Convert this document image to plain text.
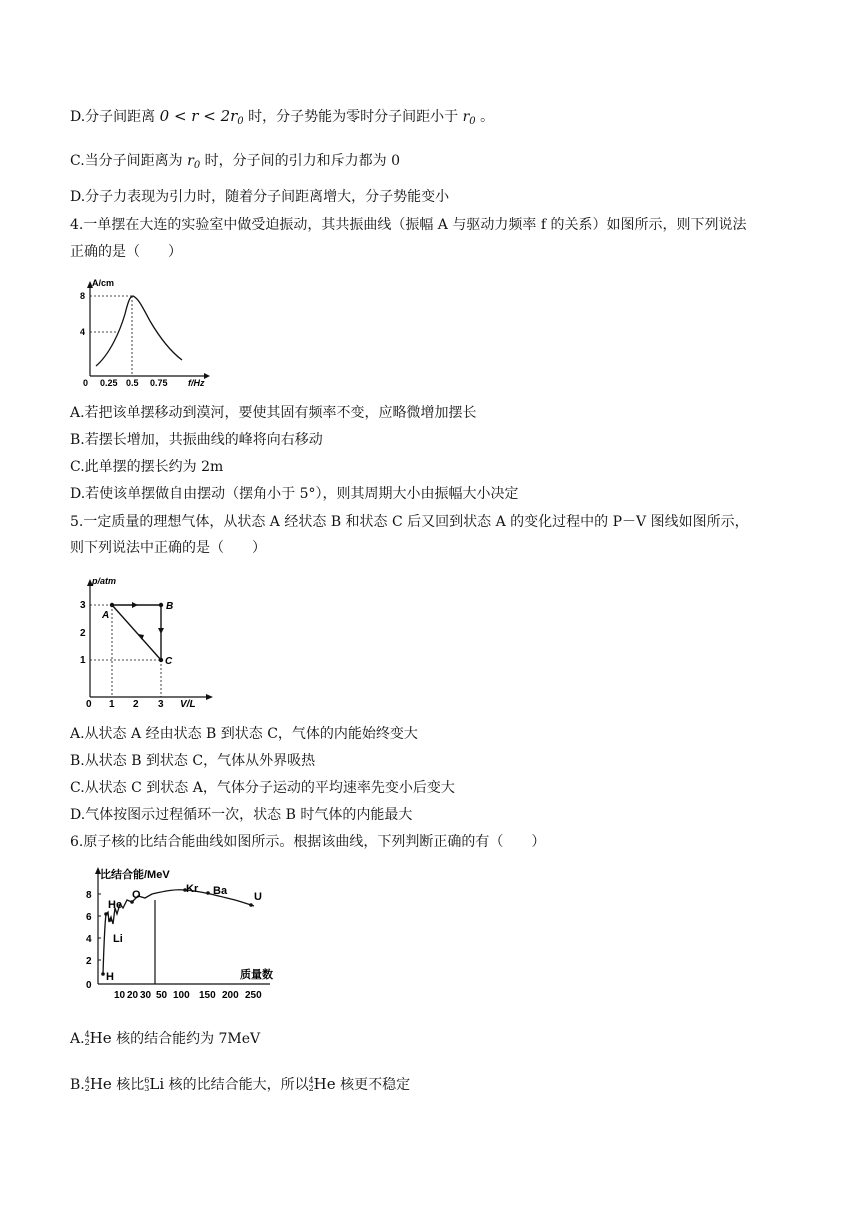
D.分子间距离 $0 < r < 2r_0$ 时，分子势能为零时分子间距小于 $r_0$ 。
C.当分子间距离为 $r_0$ 时，分子间的引力和斥力都为 0
D.分子力表现为引力时，随着分子间距离增大，分子势能变小
4.一单摆在大连的实验室中做受迫振动，其共振曲线（振幅 A 与驱动力频率 f 的关系）如图所示，则下列说法
正确的是（　　）
A/cm
8
4
0 0.25 0.5 0.75 f/Hz
A.若把该单摆移动到漠河，要使其固有频率不变，应略微增加摆长
B.若摆长增加，共振曲线的峰将向右移动
C.此单摆的摆长约为 2m
D.若使该单摆做自由摆动（摆角小于 5°），则其周期大小由振幅大小决定
5.一定质量的理想气体，从状态 A 经状态 B 和状态 C 后又回到状态 A 的变化过程中的 P－V 图线如图所示，
则下列说法中正确的是（　　）
p/atm
3
2
1
0 1 2 3 V/L
A
B
C
A.从状态 A 经由状态 B 到状态 C，气体的内能始终变大
B.从状态 B 到状态 C，气体从外界吸热
C.从状态 C 到状态 A，气体分子运动的平均速率先变小后变大
D.气体按图示过程循环一次，状态 B 时气体的内能最大
6.原子核的比结合能曲线如图所示。根据该曲线，下列判断正确的有（　　）
比结合能/MeV
8
6
4
2
0
10 20 30 50 100 150 200 250
质量数
He
Li
H
O	Kr Ba U
A. 4
2 He 核的结合能约为 7MeV
B. 4
2 He 核比 6
3 Li 核的比结合能大，所以 4
2 He 核更不稳定
